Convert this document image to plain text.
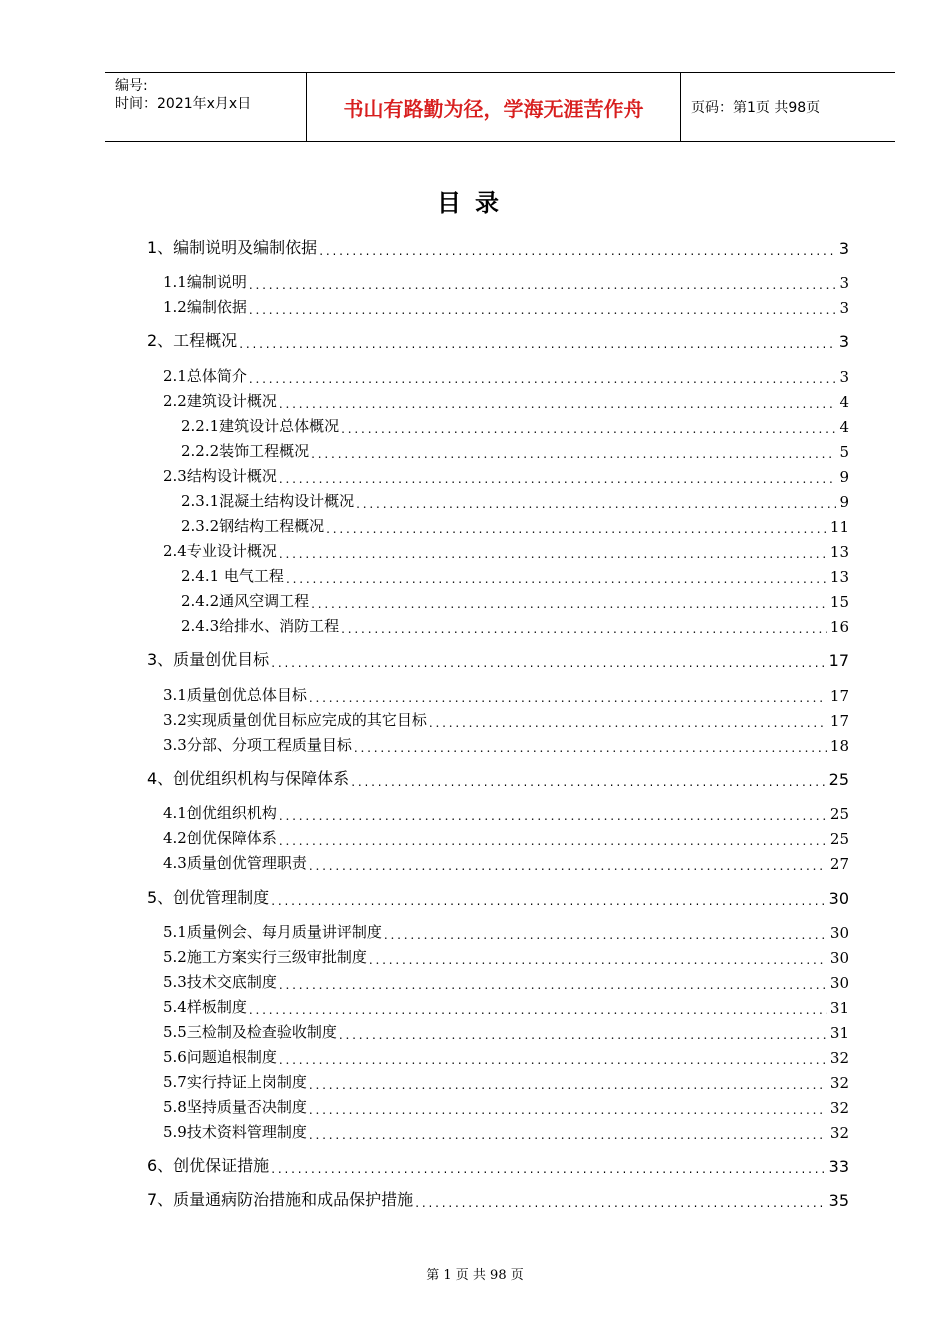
编号:
时间：2021年x月x日	书山有路勤为径，学海无涯苦作舟	页码：第1页 共98页
目录
1、编制说明及编制依据 . . .	3
1.1编制说明 . . .	3
1.2编制依据 . . .	3
2、工程概况 . . .	3
2.1总体简介 . . .	3
2.2建筑设计概况 . . .	4
2.2.1建筑设计总体概况 . . .	4
2.2.2装饰工程概况 . . .	5
2.3结构设计概况 . . .	9
2.3.1混凝土结构设计概况 . . .	9
2.3.2钢结构工程概况 . . .	11
2.4专业设计概况 . . .	13
2.4.1 电气工程 . . .	13
2.4.2通风空调工程 . . .	15
2.4.3给排水、消防工程 . . .	16
3、质量创优目标 . . .	17
3.1质量创优总体目标 . . .	17
3.2实现质量创优目标应完成的其它目标 . . .	17
3.3分部、分项工程质量目标 . . .	18
4、创优组织机构与保障体系 . . .	25
4.1创优组织机构 . . .	25
4.2创优保障体系 . . .	25
4.3质量创优管理职责 . . .	27
5、创优管理制度 . . .	30
5.1质量例会、每月质量讲评制度 . . .	30
5.2施工方案实行三级审批制度 . . .	30
5.3技术交底制度 . . .	30
5.4样板制度 . . .	31
5.5三检制及检查验收制度 . . .	31
5.6问题追根制度 . . .	32
5.7实行持证上岗制度 . . .	32
5.8坚持质量否决制度 . . .	32
5.9技术资料管理制度 . . .	32
6、创优保证措施 . . .	33
7、质量通病防治措施和成品保护措施 . . .	35
第 1 页 共 98 页
